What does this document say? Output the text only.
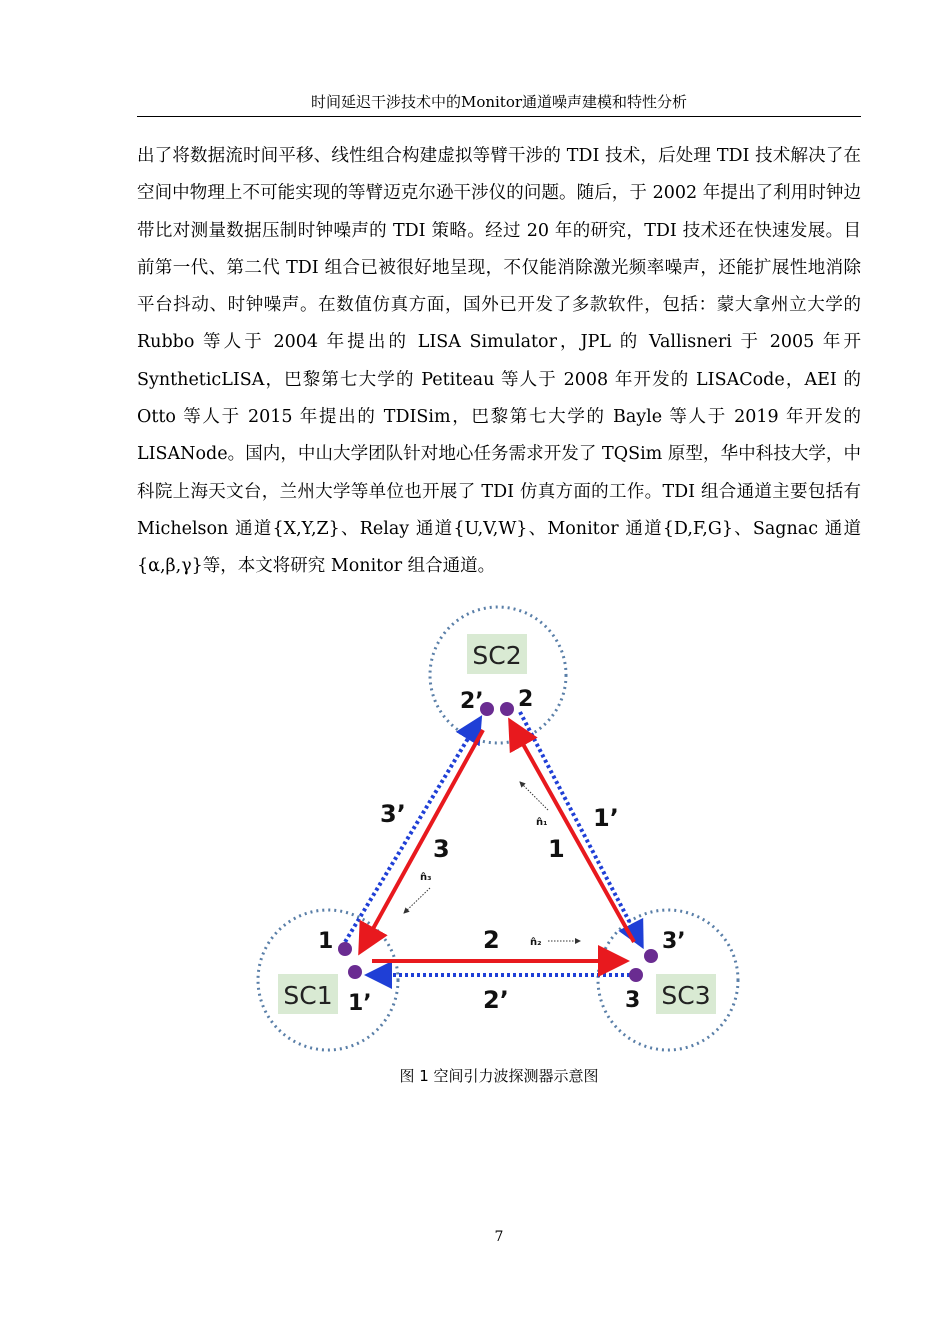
时间延迟干涉技术中的Monitor通道噪声建模和特性分析

出了将数据流时间平移、线性组合构建虚拟等臂干涉的 TDI 技术，后处理 TDI 技术解决了在空间中物理上不可能实现的等臂迈克尔逊干涉仪的问题。随后，于 2002 年提出了利用时钟边带比对测量数据压制时钟噪声的 TDI 策略。经过 20 年的研究，TDI 技术还在快速发展。目前第一代、第二代 TDI 组合已被很好地呈现，不仅能消除激光频率噪声，还能扩展性地消除平台抖动、时钟噪声。在数值仿真方面，国外已开发了多款软件，包括：蒙大拿州立大学的 Rubbo 等人于 2004 年提出的 LISA Simulator，JPL 的 Vallisneri 于 2005 年开 SyntheticLISA，巴黎第七大学的 Petiteau 等人于 2008 年开发的 LISACode，AEI 的 Otto 等人于 2015 年提出的 TDISim，巴黎第七大学的 Bayle 等人于 2019 年开发的 LISANode。国内，中山大学团队针对地心任务需求开发了 TQSim 原型，华中科技大学，中科院上海天文台，兰州大学等单位也开展了 TDI 仿真方面的工作。TDI 组合通道主要包括有 Michelson 通道{X,Y,Z}、Relay 通道{U,V,W}、Monitor 通道{D,F,G}、Sagnac 通道{α,β,γ}等，本文将研究 Monitor 组合通道。

SC2
SC1	SC3
2’ 2
1
1’
3’
3
3’
3
1’
1
2
2’
n̂₁
n̂₂
n̂₃
图 1 空间引力波探测器示意图
7
